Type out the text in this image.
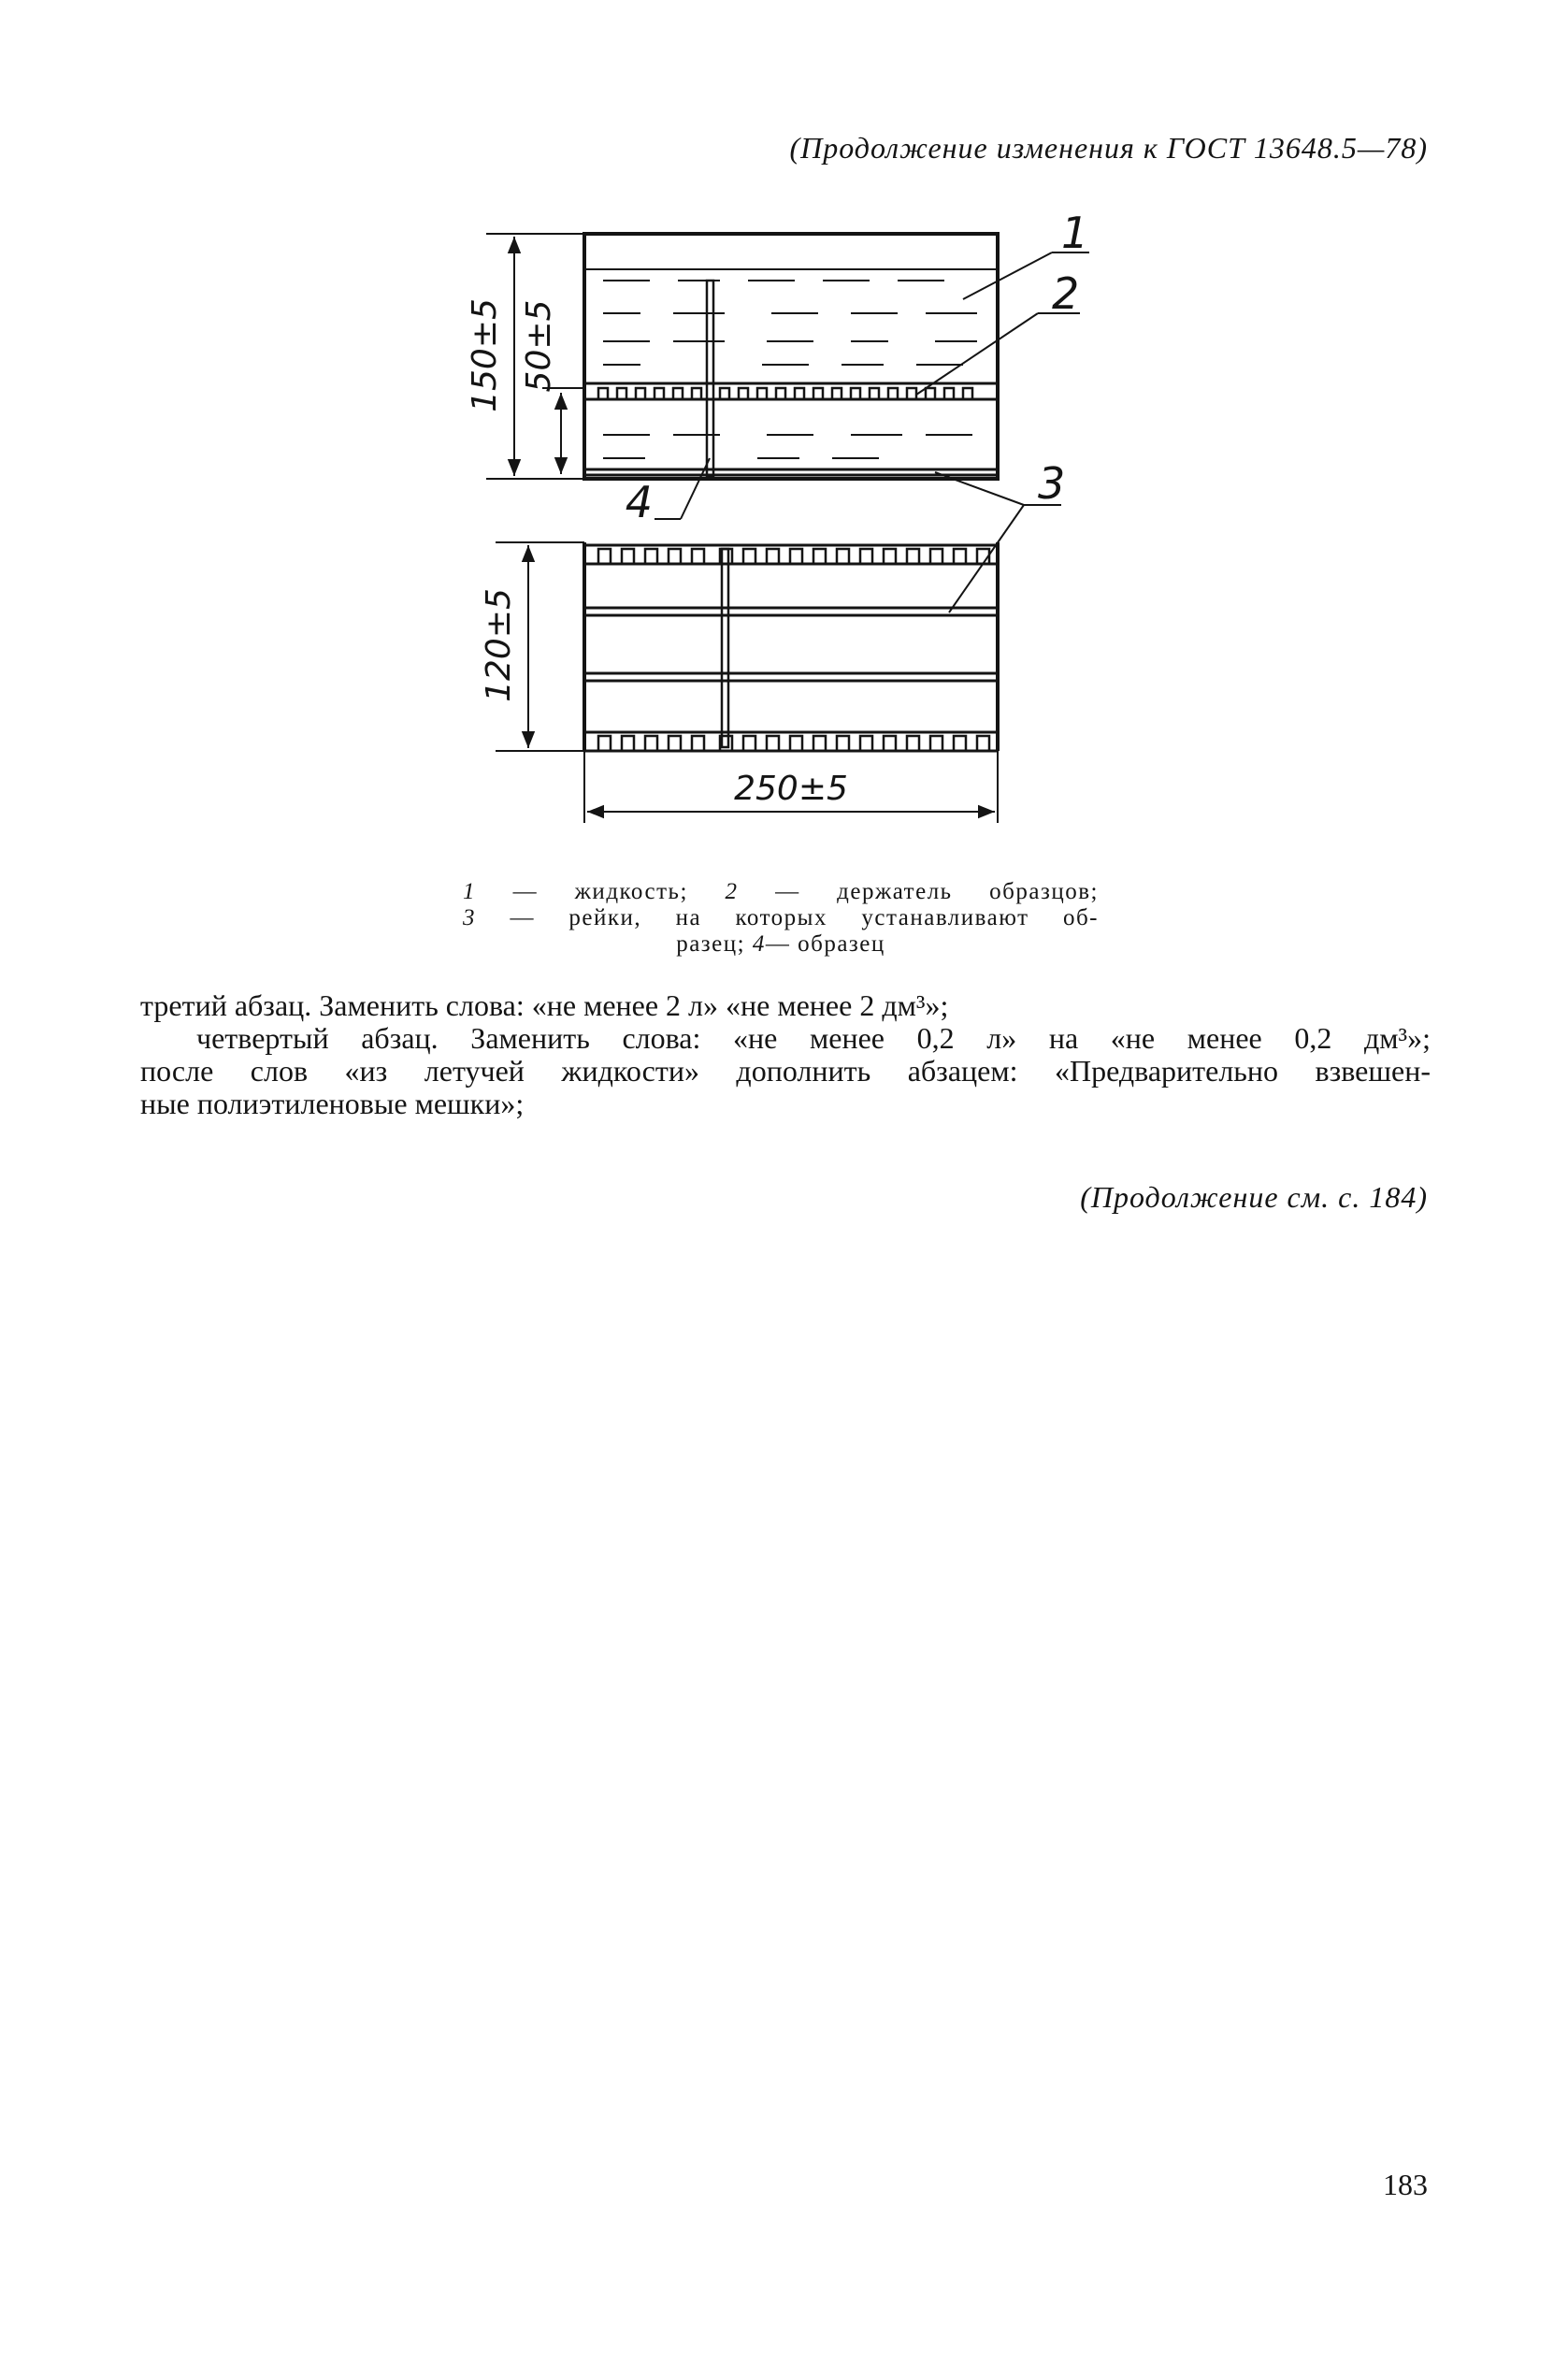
(Продолжение изменения к ГОСТ 13648.5—78)
150±5 50±5
120±5
250±5
1
2
3
4

1 — жидкость; 2 — держатель образцов;

3 — рейки, на которых устанавливают об-

разец; 4— образец

третий абзац. Заменить слова: «не менее 2 л» «не менее 2 дм³»;

четвертый абзац. Заменить слова: «не менее 0,2 л» на «не менее 0,2 дм³»;

после слов «из летучей жидкости» дополнить абзацем: «Предварительно взвешен-

ные полиэтиленовые мешки»;

(Продолжение см. с. 184)
183
